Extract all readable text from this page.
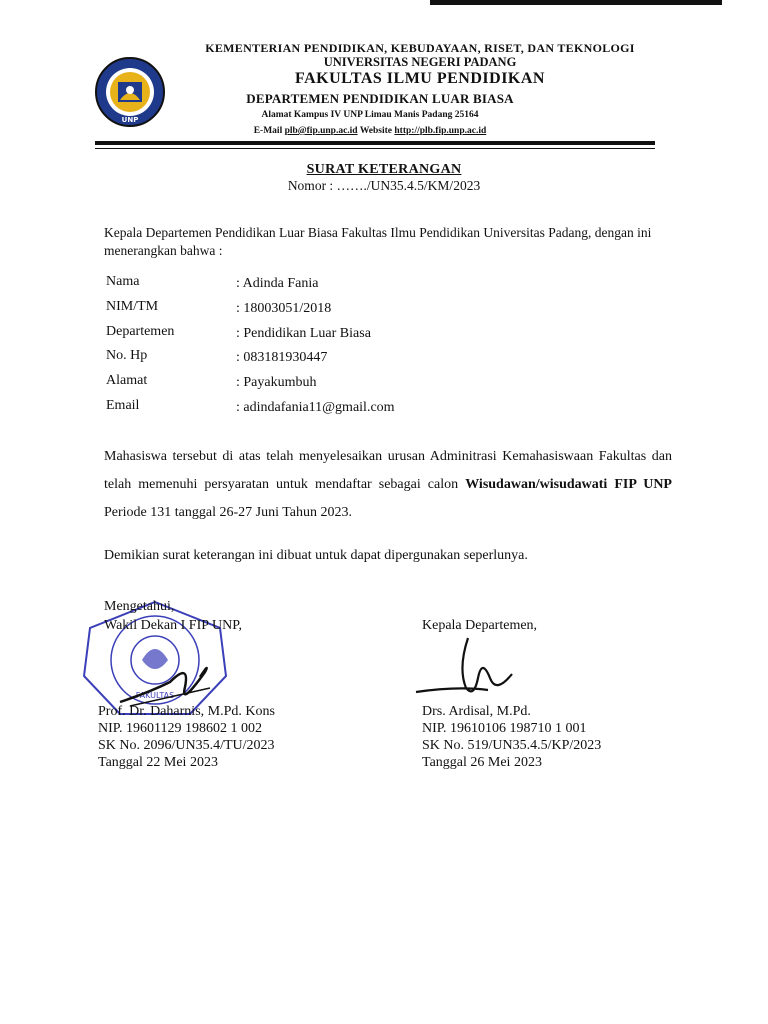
UNP
KEMENTERIAN PENDIDIKAN, KEBUDAYAAN, RISET, DAN TEKNOLOGI
UNIVERSITAS NEGERI PADANG
FAKULTAS ILMU PENDIDIKAN
DEPARTEMEN PENDIDIKAN LUAR BIASA
Alamat Kampus IV UNP Limau Manis Padang 25164
E-Mail plb@fip.unp.ac.id Website http://plb.fip.unp.ac.id
SURAT KETERANGAN
Nomor : ……./UN35.4.5/KM/2023
Kepala Departemen Pendidikan Luar Biasa Fakultas Ilmu Pendidikan Universitas Padang, dengan ini menerangkan bahwa :
Nama	: Adinda Fania
NIM/TM	: 18003051/2018
Departemen	: Pendidikan Luar Biasa
No. Hp	: 083181930447
Alamat	: Payakumbuh
Email	: adindafania11@gmail.com
Mahasiswa tersebut di atas telah menyelesaikan urusan Adminitrasi Kemahasiswaan Fakultas dan telah memenuhi persyaratan untuk mendaftar sebagai calon Wisudawan/wisudawati FIP UNP Periode 131 tanggal 26-27 Juni Tahun 2023.
Demikian surat keterangan ini dibuat untuk dapat dipergunakan seperlunya.
FAKULTAS
Mengetahui,
Wakil Dekan I FIP UNP,
Prof. Dr. Daharnis, M.Pd. Kons
NIP. 19601129 198602 1 002
SK No. 2096/UN35.4/TU/2023
Tanggal 22 Mei 2023
Kepala Departemen,
Drs. Ardisal, M.Pd.
NIP. 19610106 198710 1 001
SK No. 519/UN35.4.5/KP/2023
Tanggal 26 Mei 2023
